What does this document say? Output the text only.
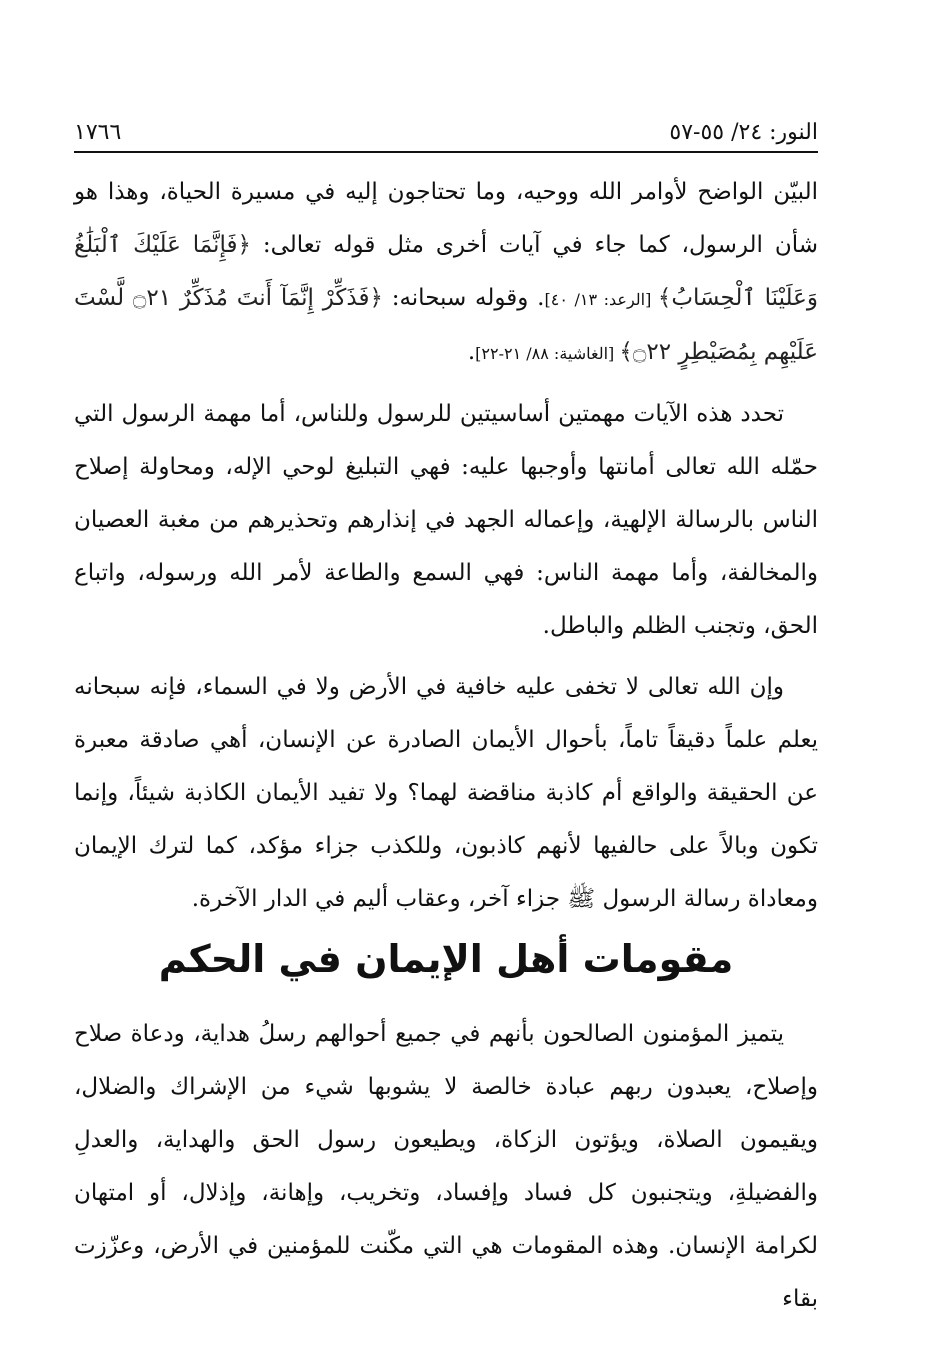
النور: ٢٤/ ٥٥-٥٧
١٧٦٦

البيّن الواضح لأوامر الله ووحيه، وما تحتاجون إليه في مسيرة الحياة، وهذا هو شأن الرسول، كما جاء في آيات أخرى مثل قوله تعالى: ﴿فَإِنَّمَا عَلَيْكَ ٱلْبَلَٰغُ وَعَلَيْنَا ٱلْحِسَابُ﴾ [الرعد: ١٣/ ٤٠]. وقوله سبحانه: ﴿فَذَكِّرْ إِنَّمَآ أَنتَ مُذَكِّرٌ ۝٢١ لَّسْتَ عَلَيْهِم بِمُصَيْطِرٍ ۝٢٢﴾ [الغاشية: ٨٨/ ٢١-٢٢].

تحدد هذه الآيات مهمتين أساسيتين للرسول وللناس، أما مهمة الرسول التي حمّله الله تعالى أمانتها وأوجبها عليه: فهي التبليغ لوحي الإله، ومحاولة إصلاح الناس بالرسالة الإلهية، وإعماله الجهد في إنذارهم وتحذيرهم من مغبة العصيان والمخالفة، وأما مهمة الناس: فهي السمع والطاعة لأمر الله ورسوله، واتباع الحق، وتجنب الظلم والباطل.

وإن الله تعالى لا تخفى عليه خافية في الأرض ولا في السماء، فإنه سبحانه يعلم علماً دقيقاً تاماً، بأحوال الأيمان الصادرة عن الإنسان، أهي صادقة معبرة عن الحقيقة والواقع أم كاذبة مناقضة لهما؟ ولا تفيد الأيمان الكاذبة شيئاً، وإنما تكون وبالاً على حالفيها لأنهم كاذبون، وللكذب جزاء مؤكد، كما لترك الإيمان ومعاداة رسالة الرسول ﷺ جزاء آخر، وعقاب أليم في الدار الآخرة.

مقومات أهل الإيمان في الحكم

يتميز المؤمنون الصالحون بأنهم في جميع أحوالهم رسلُ هداية، ودعاة صلاح وإصلاح، يعبدون ربهم عبادة خالصة لا يشوبها شيء من الإشراك والضلال، ويقيمون الصلاة، ويؤتون الزكاة، ويطيعون رسول الحق والهداية، والعدلِ والفضيلةِ، ويتجنبون كل فساد وإفساد، وتخريب، وإهانة، وإذلال، أو امتهان لكرامة الإنسان. وهذه المقومات هي التي مكّنت للمؤمنين في الأرض، وعزّزت بقاء
